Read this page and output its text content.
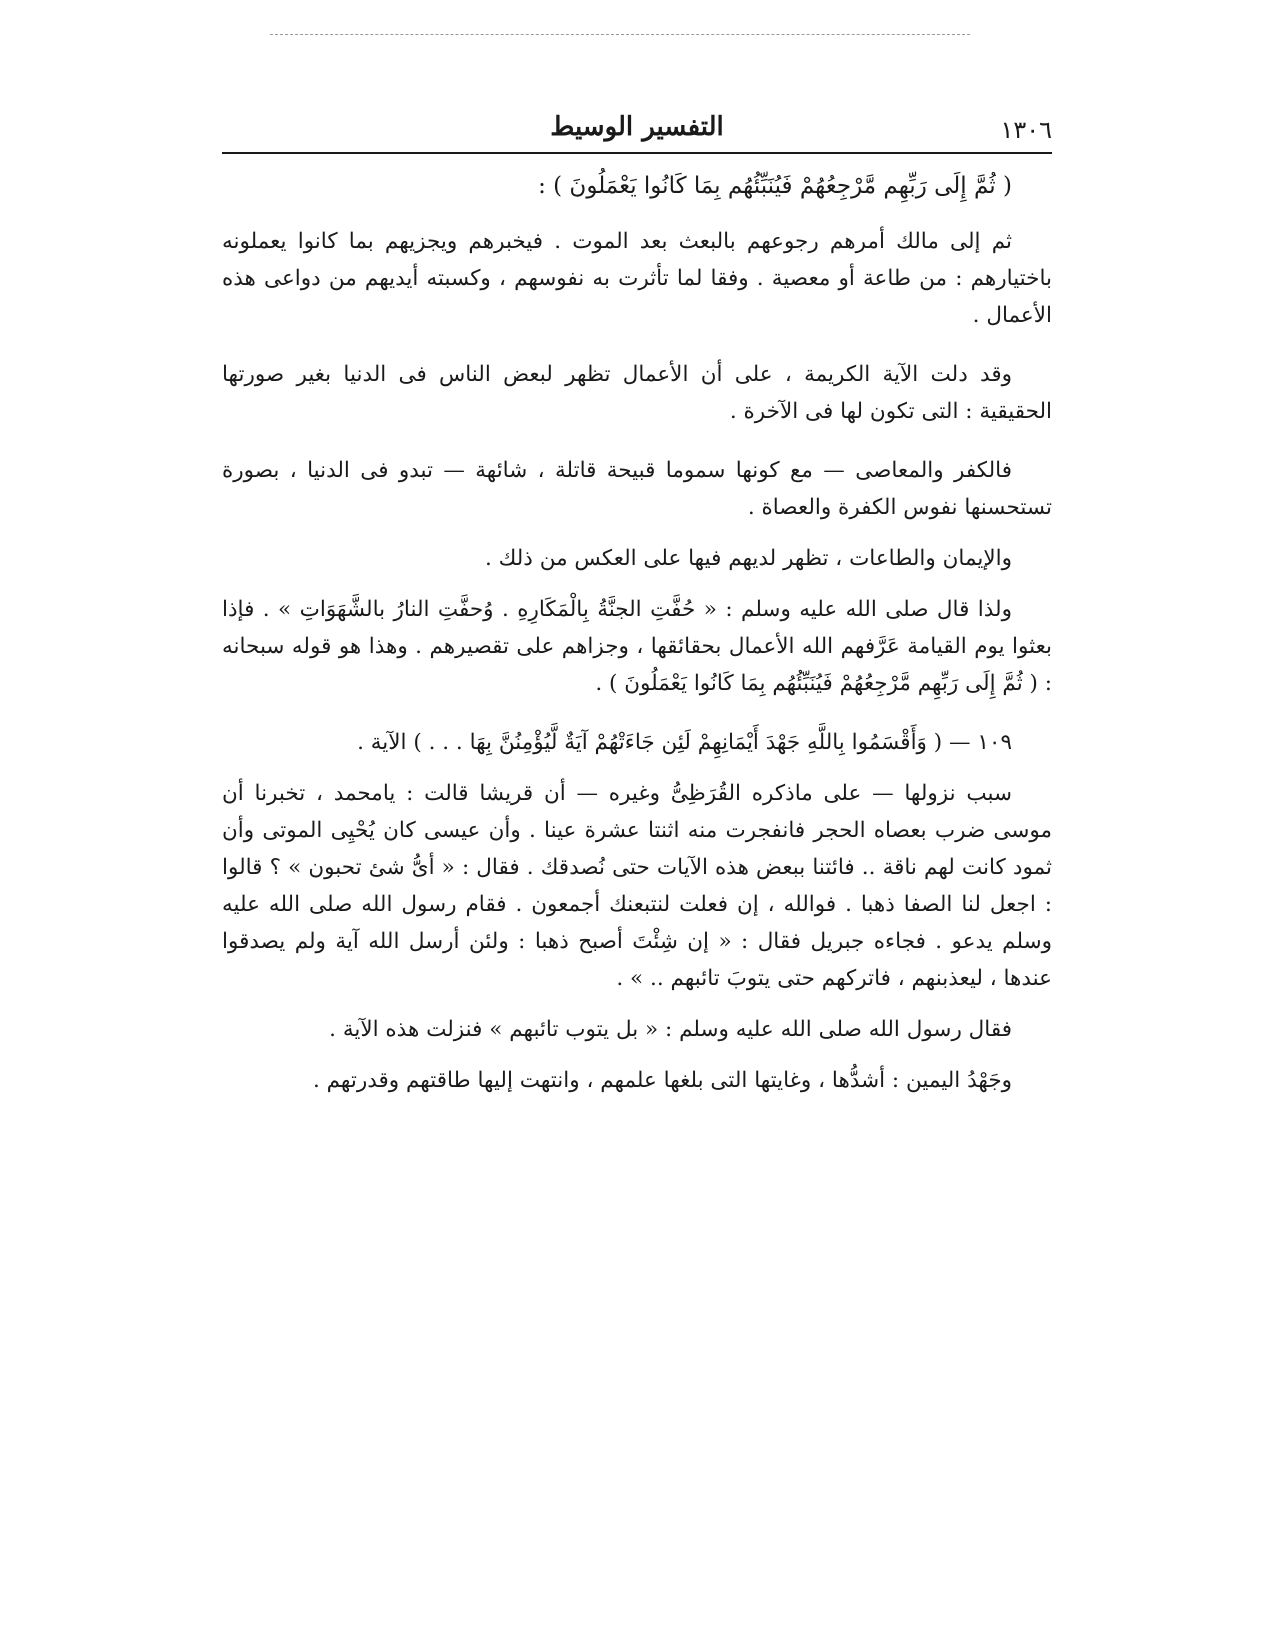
١٣٠٦
التفسير الوسيط

( ثُمَّ إِلَى رَبِّهِم مَّرْجِعُهُمْ فَيُنَبِّئُهُم بِمَا كَانُوا يَعْمَلُونَ ) :

ثم إلى مالك أمرهم رجوعهم بالبعث بعد الموت . فيخبرهم ويجزيهم بما كانوا يعملونه باختيارهم : من طاعة أو معصية . وفقا لما تأثرت به نفوسهم ، وكسبته أيديهم من دواعى هذه الأعمال .

وقد دلت الآية الكريمة ، على أن الأعمال تظهر لبعض الناس فى الدنيا بغير صورتها الحقيقية : التى تكون لها فى الآخرة .

فالكفر والمعاصى — مع كونها سموما قبيحة قاتلة ، شائهة — تبدو فى الدنيا ، بصورة تستحسنها نفوس الكفرة والعصاة .

والإيمان والطاعات ، تظهر لديهم فيها على العكس من ذلك .

ولذا قال صلى الله عليه وسلم : « حُفَّتِ الجنَّةُ بِالْمَكَارِهِ . وُحفَّتِ النارُ بالشَّهَوَاتِ » . فإذا بعثوا يوم القيامة عَرَّفهم الله الأعمال بحقائقها ، وجزاهم على تقصيرهم . وهذا هو قوله سبحانه : ( ثُمَّ إِلَى رَبِّهِم مَّرْجِعُهُمْ فَيُنَبِّئُهُم بِمَا كَانُوا يَعْمَلُونَ ) .

١٠٩ — ( وَأَقْسَمُوا بِاللَّهِ جَهْدَ أَيْمَانِهِمْ لَئِن جَاءَتْهُمْ آيَةٌ لَّيُؤْمِنُنَّ بِهَا . . . ) الآية .

سبب نزولها — على ماذكره القُرَظِىُّ وغيره — أن قريشا قالت : يامحمد ، تخبرنا أن موسى ضرب بعصاه الحجر فانفجرت منه اثنتا عشرة عينا . وأن عيسى كان يُحْيِى الموتى وأن ثمود كانت لهم ناقة .. فائتنا ببعض هذه الآيات حتى نُصدقك . فقال : « أىُّ شئ تحبون » ؟ قالوا : اجعل لنا الصفا ذهبا . فوالله ، إن فعلت لنتبعنك أجمعون . فقام رسول الله صلى الله عليه وسلم يدعو . فجاءه جبريل فقال : « إن شِئْتَ أصبح ذهبا : ولئن أرسل الله آية ولم يصدقوا عندها ، ليعذبنهم ، فاتركهم حتى يتوبَ تائبهم .. » .

فقال رسول الله صلى الله عليه وسلم : « بل يتوب تائبهم » فنزلت هذه الآية .

وجَهْدُ اليمين : أشدُّها ، وغايتها التى بلغها علمهم ، وانتهت إليها طاقتهم وقدرتهم .
